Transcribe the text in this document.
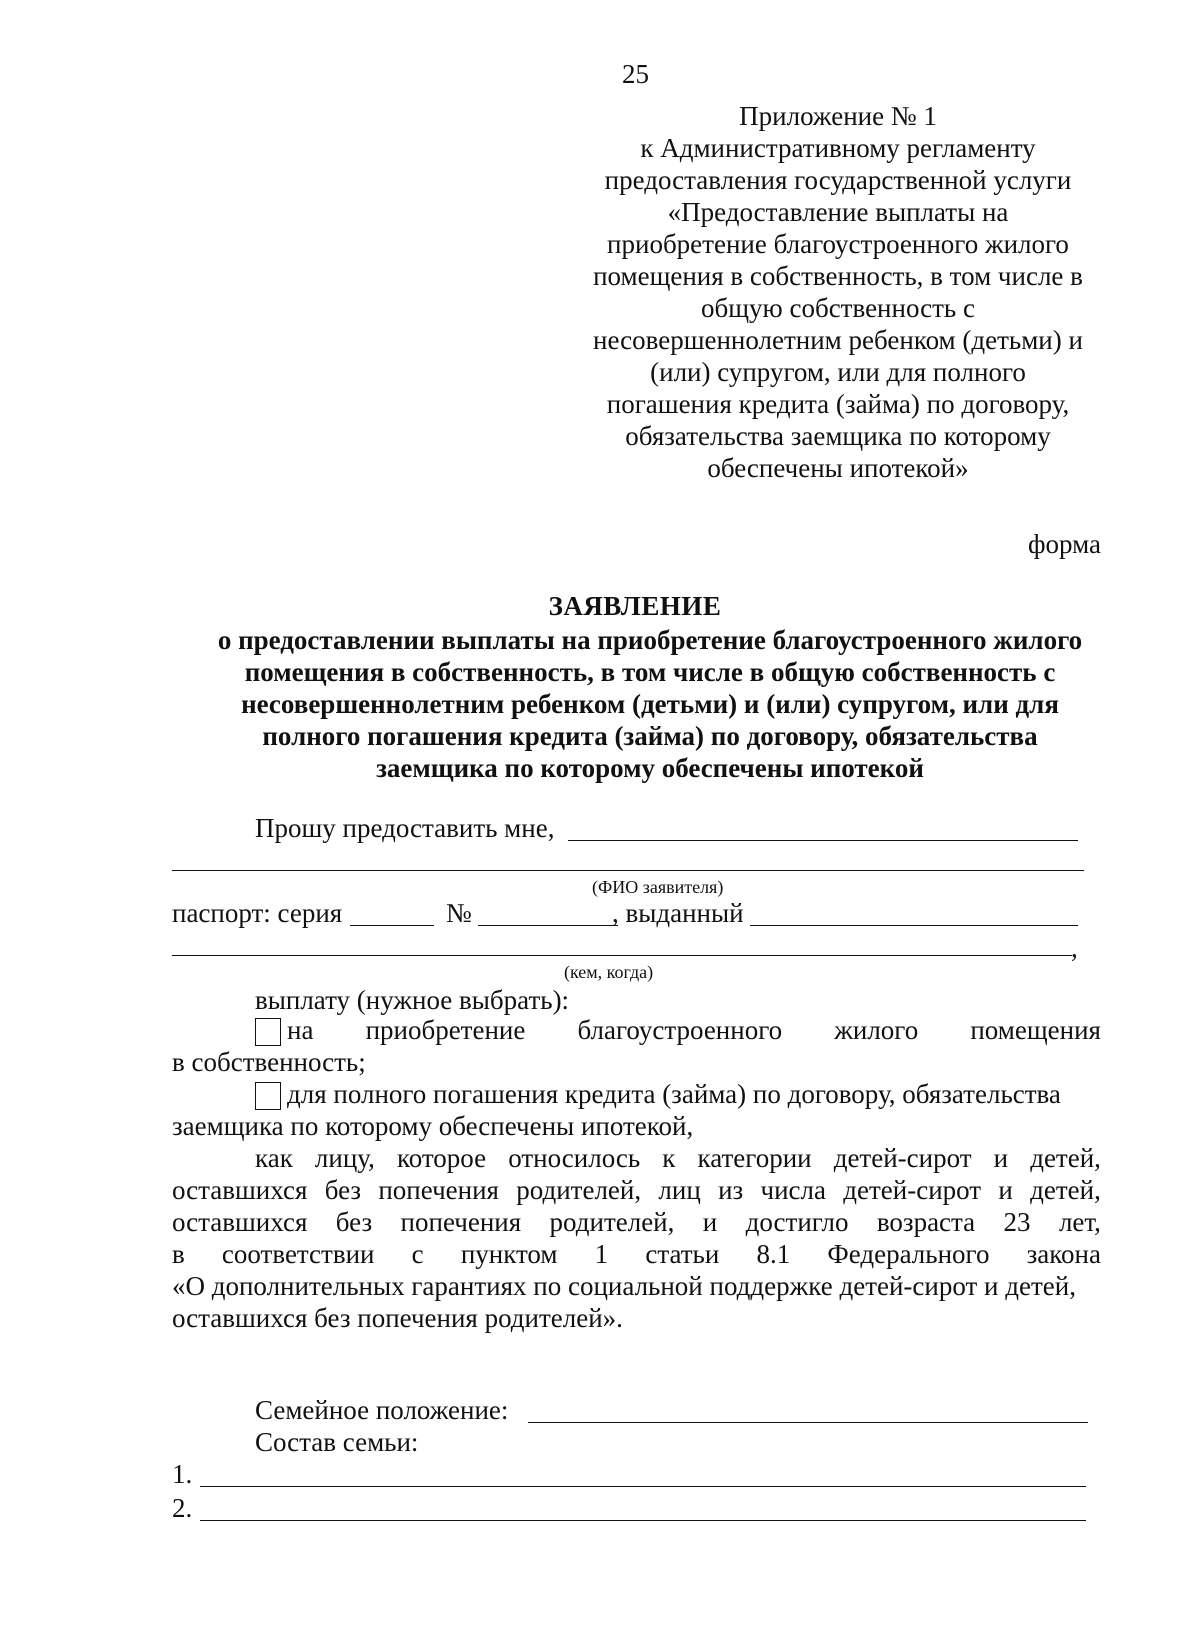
25
Приложение № 1
к Административному регламенту
предоставления государственной услуги
«Предоставление выплаты на
приобретение благоустроенного жилого
помещения в собственность, в том числе в
общую собственность с
несовершеннолетним ребенком (детьми) и
(или) супругом, или для полного
погашения кредита (займа) по договору,
обязательства заемщика по которому
обеспечены ипотекой»
форма
ЗАЯВЛЕНИЕ
о предоставлении выплаты на приобретение благоустроенного жилого
помещения в собственность, в том числе в общую собственность с
несовершеннолетним ребенком (детьми) и (или) супругом, или для
полного погашения кредита (займа) по договору, обязательства
заемщика по которому обеспечены ипотекой
Прошу предоставить мне,
(ФИО заявителя)
паспорт: серия	№	, выданный
,
(кем, когда)
выплату (нужное выбрать):
на приобретение благоустроенного жилого помещения
в собственность;
для полного погашения кредита (займа) по договору, обязательства
заемщика по которому обеспечены ипотекой,
как лицу, которое относилось к категории детей-сирот и детей,
оставшихся без попечения родителей, лиц из числа детей-сирот и детей,
оставшихся без попечения родителей, и достигло возраста 23 лет,
в соответствии с пунктом 1 статьи 8.1 Федерального закона
«О дополнительных гарантиях по социальной поддержке детей-сирот и детей,
оставшихся без попечения родителей».
Семейное положение:
Состав семьи:
1.
2.
